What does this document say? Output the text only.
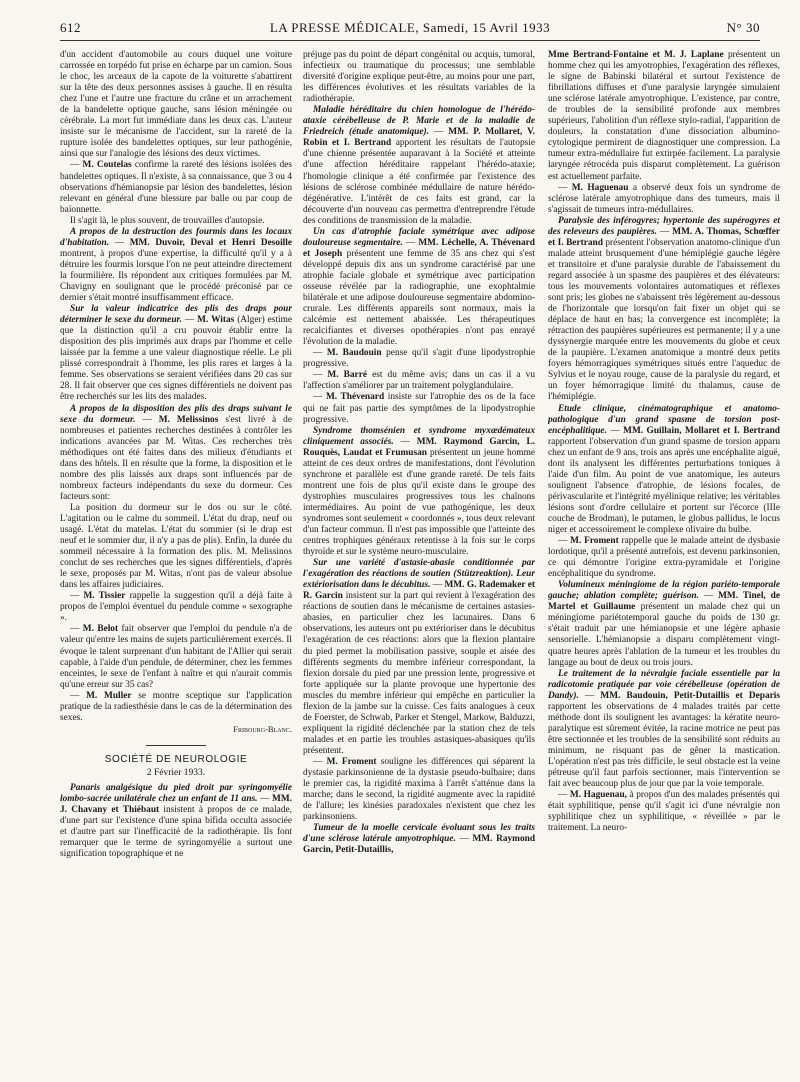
612	LA PRESSE MÉDICALE, Samedi, 15 Avril 1933	N° 30

d'un accident d'automobile au cours duquel une voiture carrossée en torpédo fut prise en écharpe par un camion. Sous le choc, les arceaux de la capote de la voiturette s'abattirent sur la tête des deux personnes assises à gauche. Il en résulta chez l'une et l'autre une fracture du crâne et un arrachement de la bandelette optique gauche, sans lésion méningée ou cérébrale. La mort fut immédiate dans les deux cas. L'auteur insiste sur le mécanisme de l'accident, sur la rareté de la rupture isolée des bandelettes optiques, sur leur pathogénie, ainsi que sur l'analogie des lésions des deux victimes.

— M. Coutelas confirme la rareté des lésions isolées des bandelettes optiques. Il n'existe, à sa connaissance, que 3 ou 4 observations d'hémianopsie par lésion des bandelettes, lésion relevant en général d'une blessure par balle ou par coup de baïonnette.

Il s'agit là, le plus souvent, de trouvailles d'autopsie.

A propos de la destruction des fourmis dans les locaux d'habitation. — MM. Duvoir, Deval et Henri Desoille montrent, à propos d'une expertise, la difficulté qu'il y a à détruire les fourmis lorsque l'on ne peut atteindre directement la fourmilière. Ils répondent aux critiques formulées par M. Chavigny en soulignant que le procédé préconisé par ce dernier s'était montré insuffisamment efficace.

Sur la valeur indicatrice des plis des draps pour déterminer le sexe du dormeur. — M. Witas (Alger) estime que la distinction qu'il a cru pouvoir établir entre la disposition des plis imprimés aux draps par l'homme et celle laissée par la femme a une valeur diagnostique réelle. Le pli plissé correspondrait à l'homme, les plis rares et larges à la femme. Ses observations se seraient vérifiées dans 20 cas sur 28. Il fait observer que ces signes différentiels ne doivent pas être recherchés sur les lits des malades.

A propos de la disposition des plis des draps suivant le sexe du dormeur. — M. Melissinos s'est livré à de nombreuses et patientes recherches destinées à contrôler les indications avancées par M. Witas. Ces recherches très méthodiques ont été faites dans des milieux d'étudiants et dans des hôtels. Il en résulte que la forme, la disposition et le nombre des plis laissés aux draps sont influencés par de nombreux facteurs indépendants du sexe du dormeur. Ces facteurs sont:

La position du dormeur sur le dos ou sur le côté. L'agitation ou le calme du sommeil. L'état du drap, neuf ou usagé. L'état du matelas. L'état du sommier (si le drap est neuf et le sommier dur, il n'y a pas de plis). Enfin, la durée du sommeil nécessaire à la formation des plis. M. Melissinos conclut de ses recherches que les signes différentiels, d'après le sexe, proposés par M. Witas, n'ont pas de valeur absolue dans les affaires judiciaires.

— M. Tissier rappelle la suggestion qu'il a déjà faite à propos de l'emploi éventuel du pendule comme « sexographe ».

— M. Belot fait observer que l'emploi du pendule n'a de valeur qu'entre les mains de sujets particulièrement exercés. Il évoque le talent surprenant d'un habitant de l'Allier qui serait capable, à l'aide d'un pendule, de déterminer, chez les femmes enceintes, le sexe de l'enfant à naître et qui n'aurait commis qu'une erreur sur 35 cas?

— M. Muller se montre sceptique sur l'application pratique de la radiesthésie dans le cas de la détermination des sexes.

Fribourg-Blanc.
SOCIÉTÉ DE NEUROLOGIE
2 Février 1933.

Panaris analgésique du pied droit par syringomyélie lombo-sacrée unilatérale chez un enfant de 11 ans. — MM. J. Chavany et Thiébaut insistent à propos de ce malade, d'une part sur l'existence d'une spina bifida occulta associée et d'autre part sur l'inefficacité de la radiothérapie. Ils font remarquer que le terme de syringomyélie a surtout une signification topographique et ne

préjuge pas du point de départ congénital ou acquis, tumoral, infectieux ou traumatique du processus; une semblable diversité d'origine explique peut-être, au moins pour une part, les différences évolutives et les résultats variables de la radiothérapie.

Maladie héréditaire du chien homologue de l'hérédo-ataxie cérébelleuse de P. Marie et de la maladie de Friedreich (étude anatomique). — MM. P. Mollaret, V. Robin et I. Bertrand apportent les résultats de l'autopsie d'une chienne présentée auparavant à la Société et atteinte d'une affection héréditaire rappelant l'hérédo-ataxie; l'homologie clinique a été confirmée par l'existence des lésions de sclérose combinée médullaire de nature hérédo-dégénérative. L'intérêt de ces faits est grand, car la découverte d'un nouveau cas permettra d'entreprendre l'étude des conditions de transmission de la maladie.

Un cas d'atrophie faciale symétrique avec adipose douloureuse segmentaire. — MM. Léchelle, A. Thévenard et Joseph présentent une femme de 35 ans chez qui s'est développé depuis dix ans un syndrome caractérisé par une atrophie faciale globale et symétrique avec participation osseuse révélée par la radiographie, une exophtalmie bilatérale et une adipose douloureuse segmentaire abdomino-crurale. Les différents appareils sont normaux, mais la calcémie est nettement abaissée. Les thérapeutiques recalcifiantes et diverses opothérapies n'ont pas enrayé l'évolution de la maladie.

— M. Baudouin pense qu'il s'agit d'une lipodystrophie progressive.

— M. Barré est du même avis; dans un cas il a vu l'affection s'améliorer par un traitement polyglandulaire.

— M. Thévenard insiste sur l'atrophie des os de la face qui ne fait pas partie des symptômes de la lipodystrophie progressive.

Syndrome thomsénien et syndrome myxœdémateux cliniquement associés. — MM. Raymond Garcin, L. Rouquès, Laudat et Frumusan présentent un jeune homme atteint de ces deux ordres de manifestations, dont l'évolution synchrone et parallèle est d'une grande rareté. De tels faits montrent une fois de plus qu'il existe dans le groupe des dystrophies musculaires progressives tous les chaînons intermédiaires. Au point de vue pathogénique, les deux syndromes sont seulement « coordonnés », tous deux relevant d'un facteur commun. Il n'est pas impossible que l'atteinte des centres trophiques généraux retentisse à la fois sur le corps thyroïde et sur le système neuro-musculaire.

Sur une variété d'astasie-abasie conditionnée par l'exagération des réactions de soutien (Stützreaktion). Leur extériorisation dans le décubitus. — MM. G. Rademaker et R. Garcin insistent sur la part qui revient à l'exagération des réactions de soutien dans le mécanisme de certaines astasies-abasies, en particulier chez les lacunaires. Dans 6 observations, les auteurs ont pu extérioriser dans le décubitus l'exagération de ces réactions: alors que la flexion plantaire du pied permet la mobilisation passive, souple et aisée des différents segments du membre inférieur correspondant, la flexion dorsale du pied par une pression lente, progressive et forte appliquée sur la plante provoque une hypertonie des muscles du membre inférieur qui empêche en particulier la flexion de la jambe sur la cuisse. Ces faits analogues à ceux de Foerster, de Schwab, Parker et Stengel, Markow, Balduzzi, expliquent la rigidité déclenchée par la station chez de tels malades et en partie les troubles astasiques-abasiques qu'ils présentent.

— M. Froment souligne les différences qui séparent la dystasie parkinsonienne de la dystasie pseudo-bulbaire; dans le premier cas, la rigidité maxima à l'arrêt s'atténue dans la marche; dans le second, la rigidité augmente avec la rapidité de l'allure; les kinésies paradoxales n'existent que chez les parkinsoniens.

Tumeur de la moelle cervicale évoluant sous les traits d'une sclérose latérale amyotrophique. — MM. Raymond Garcin, Petit-Dutaillis,

Mme Bertrand-Fontaine et M. J. Laplane présentent un homme chez qui les amyotrophies, l'exagération des réflexes, le signe de Babinski bilatéral et surtout l'existence de fibrillations diffuses et d'une paralysie laryngée simulaient une sclérose latérale amyotrophique. L'existence, par contre, de troubles de la sensibilité profonde aux membres supérieurs, l'abolition d'un réflexe stylo-radial, l'apparition de douleurs, la constatation d'une dissociation albumino-cytologique permirent de diagnostiquer une compression. La tumeur extra-médullaire fut extirpée facilement. La paralysie laryngée rétrocéda puis disparut complètement. La guérison est actuellement parfaite.

— M. Haguenau a observé deux fois un syndrome de sclérose latérale amyotrophique dans des tumeurs, mais il s'agissait de tumeurs intra-médullaires.

Paralysie des inférogyres; hypertonie des supérogyres et des releveurs des paupières. — MM. A. Thomas, Schœffer et I. Bertrand présentent l'observation anatomo-clinique d'un malade atteint brusquement d'une hémiplégie gauche légère et transitoire et d'une paralysie durable de l'abaissement du regard associée à un spasme des paupières et des élévateurs: tous les mouvements volontaires automatiques et réflexes sont pris; les globes ne s'abaissent très légèrement au-dessous de l'horizontale que lorsqu'on fait fixer un objet qui se déplace de haut en bas; la convergence est incomplète; la rétraction des paupières supérieures est permanente; il y a une dyssynergie marquée entre les mouvements du globe et ceux de la paupière. L'examen anatomique a montré deux petits foyers hémorragiques symétriques situés entre l'aqueduc de Sylvius et le noyau rouge, cause de la paralysie du regard, et un foyer hémorragique limité du thalamus, cause de l'hémiplégie.

Etude clinique, cinématographique et anatomo-pathologique d'un grand spasme de torsion post-encéphalitique. — MM. Guillain, Mollaret et I. Bertrand rapportent l'observation d'un grand spasme de torsion apparu chez un enfant de 9 ans, trois ans après une encéphalite aiguë, dont ils analysent les différentes perturbations toniques à l'aide d'un film. Au point de vue anatomique, les auteurs soulignent l'absence d'atrophie, de lésions focales, de périvascularite et l'intégrité myélinique relative; les véritables lésions sont d'ordre cellulaire et portent sur l'écorce (IIIe couche de Brodman), le putamen, le globus pallidus, le locus niger et accessoirement le complexe olivaire du bulbe.

— M. Froment rappelle que le malade atteint de dysbasie lordotique, qu'il a présenté autrefois, est devenu parkinsonien, ce qui démontre l'origine extra-pyramidale et l'origine encéphalitique du syndrome.

Volumineux méningiome de la région pariéto-temporale gauche; ablation complète; guérison. — MM. Tinel, de Martel et Guillaume présentent un malade chez qui un méningiome pariétotemporal gauche du poids de 130 gr. s'était traduit par une hémianopsie et une légère aphasie sensorielle. L'hémianopsie a disparu complètement vingt-quatre heures après l'ablation de la tumeur et les troubles du langage au bout de deux ou trois jours.

Le traitement de la névralgie faciale essentielle par la radicotomie pratiquée par voie cérébelleuse (opération de Dandy). — MM. Baudouin, Petit-Dutaillis et Deparis rapportent les observations de 4 malades traités par cette méthode dont ils soulignent les avantages: la kératite neuro-paralytique est sûrement évitée, la racine motrice ne peut pas être sectionnée et les troubles de la sensibilité sont réduits au minimum, ne risquant pas de gêner la mastication. L'opération n'est pas très difficile, le seul obstacle est la veine pétreuse qu'il faut parfois sectionner, mais l'intervention se fait avec beaucoup plus de jour que par la voie temporale.

— M. Haguenau, à propos d'un des malades présentés qui était syphilitique, pense qu'il s'agit ici d'une névralgie non syphilitique chez un syphilitique, « réveillée » par le traitement. La neuro-
